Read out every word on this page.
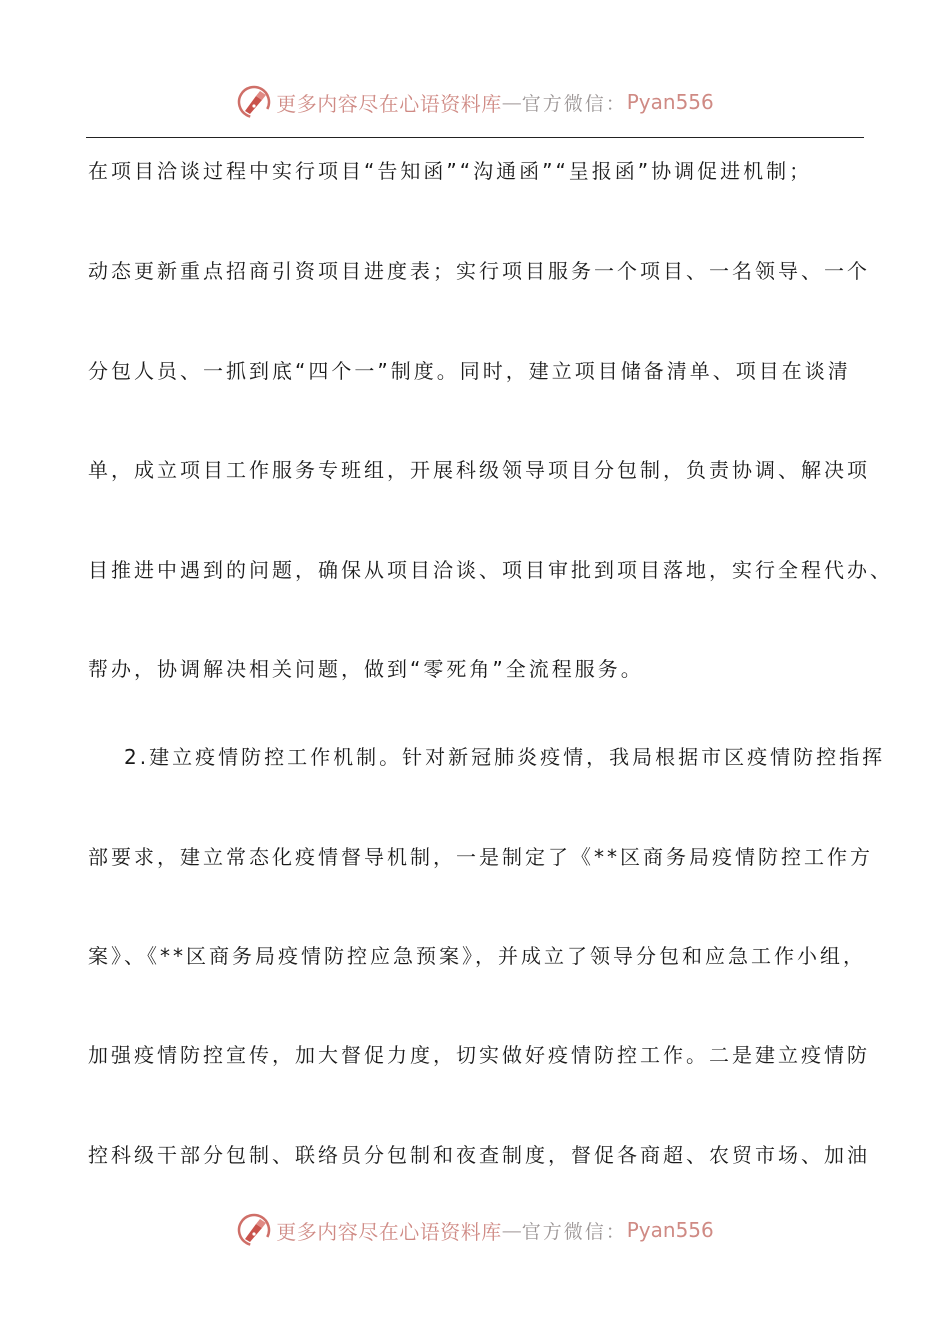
更多内容尽在心语资料库 — 官方微信： Pyan556
在项目洽谈过程中实行项目“告知函”“沟通函”“呈报函”协调促进机制；
动态更新重点招商引资项目进度表；实行项目服务一个项目、一名领导、一个
分包人员、一抓到底“四个一”制度。同时，建立项目储备清单、项目在谈清
单，成立项目工作服务专班组，开展科级领导项目分包制，负责协调、解决项
目推进中遇到的问题，确保从项目洽谈、项目审批到项目落地，实行全程代办、
帮办，协调解决相关问题，做到“零死角”全流程服务。
2.建立疫情防控工作机制。针对新冠肺炎疫情，我局根据市区疫情防控指挥
部要求，建立常态化疫情督导机制，一是制定了《**区商务局疫情防控工作方
案》、《**区商务局疫情防控应急预案》，并成立了领导分包和应急工作小组，
加强疫情防控宣传，加大督促力度，切实做好疫情防控工作。二是建立疫情防
控科级干部分包制、联络员分包制和夜查制度，督促各商超、农贸市场、加油
更多内容尽在心语资料库 — 官方微信： Pyan556
